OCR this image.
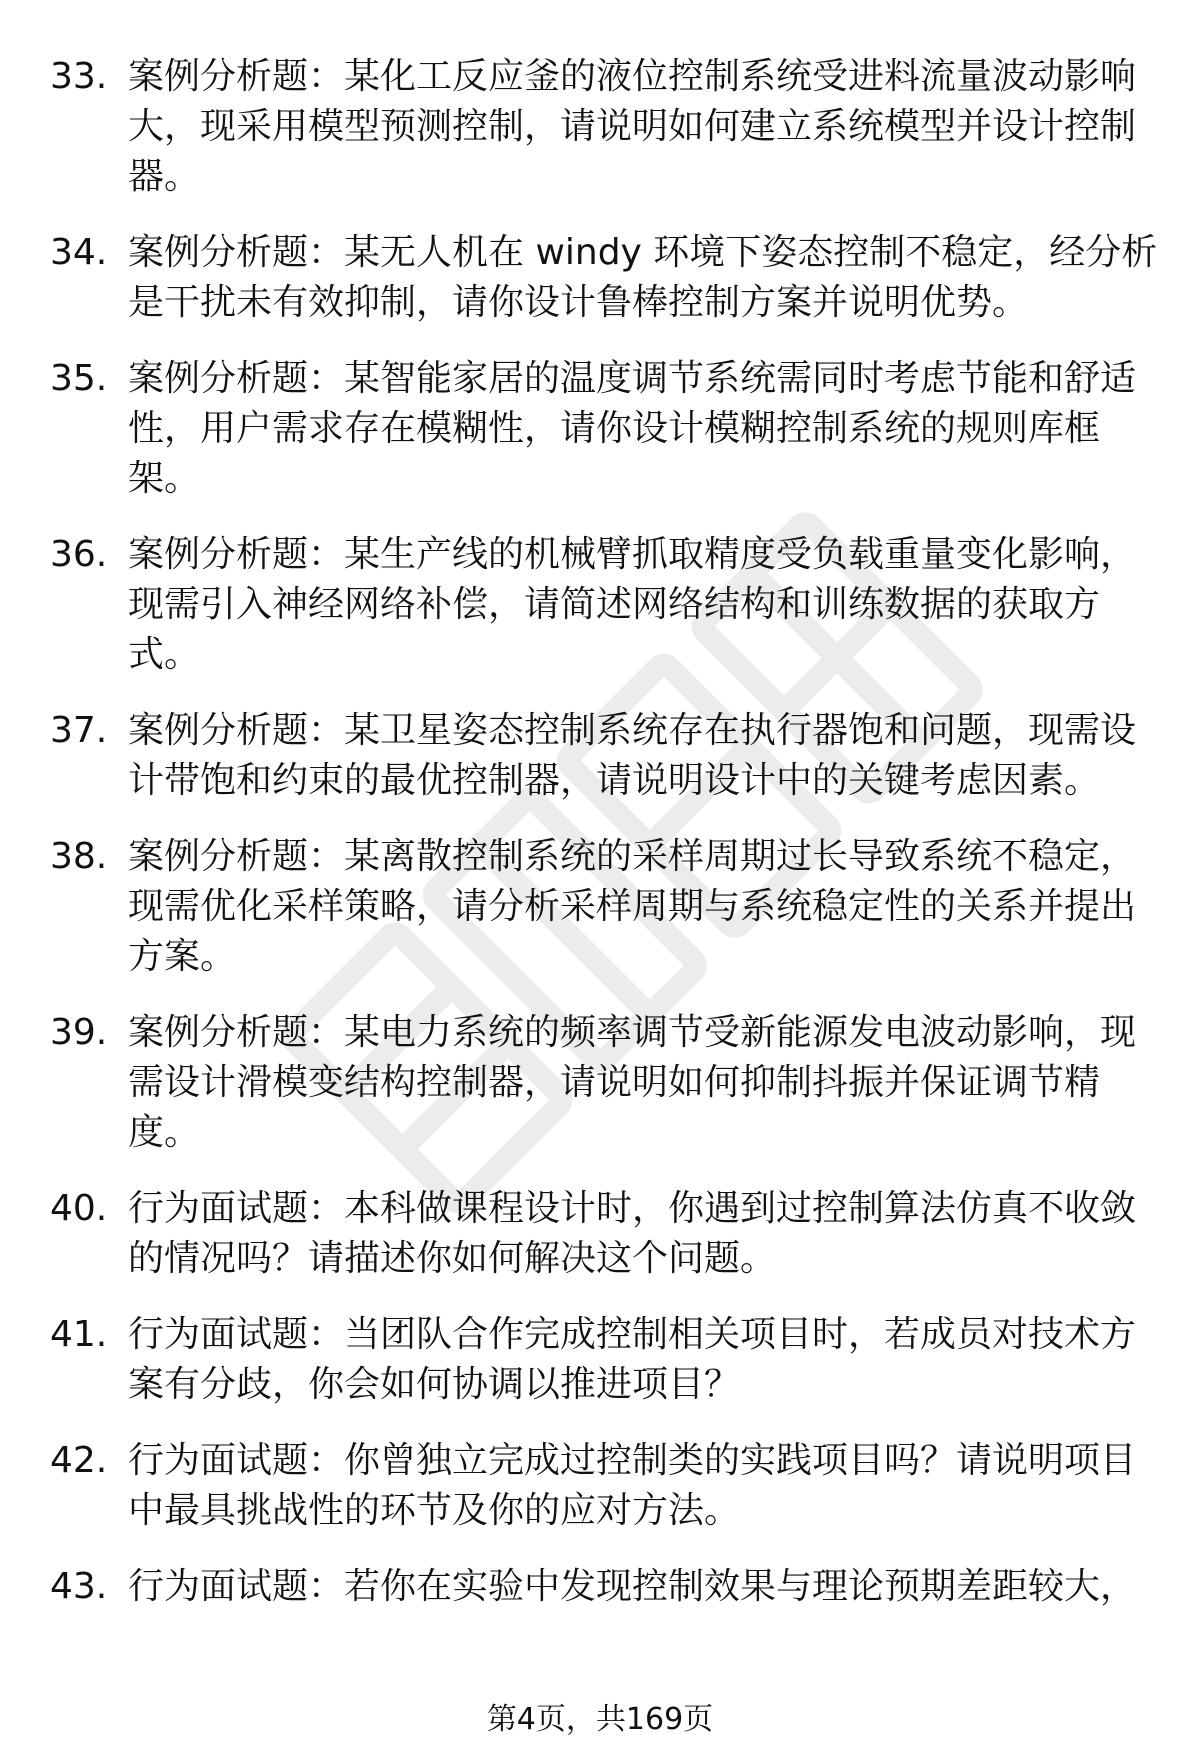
33. 案例分析题：某化工反应釜的液位控制系统受进料流量波动影响大，现采用模型预测控制，请说明如何建立系统模型并设计控制器。
34. 案例分析题：某无人机在 windy 环境下姿态控制不稳定，经分析是干扰未有效抑制，请你设计鲁棒控制方案并说明优势。
35. 案例分析题：某智能家居的温度调节系统需同时考虑节能和舒适性，用户需求存在模糊性，请你设计模糊控制系统的规则库框架。
36. 案例分析题：某生产线的机械臂抓取精度受负载重量变化影响，现需引入神经网络补偿，请简述网络结构和训练数据的获取方式。
37. 案例分析题：某卫星姿态控制系统存在执行器饱和问题，现需设计带饱和约束的最优控制器，请说明设计中的关键考虑因素。
38. 案例分析题：某离散控制系统的采样周期过长导致系统不稳定，现需优化采样策略，请分析采样周期与系统稳定性的关系并提出方案。
39. 案例分析题：某电力系统的频率调节受新能源发电波动影响，现需设计滑模变结构控制器，请说明如何抑制抖振并保证调节精度。
40. 行为面试题：本科做课程设计时，你遇到过控制算法仿真不收敛的情况吗？请描述你如何解决这个问题。
41. 行为面试题：当团队合作完成控制相关项目时，若成员对技术方案有分歧，你会如何协调以推进项目？
42. 行为面试题：你曾独立完成过控制类的实践项目吗？请说明项目中最具挑战性的环节及你的应对方法。
43. 行为面试题：若你在实验中发现控制效果与理论预期差距较大，
第4页，共169页
